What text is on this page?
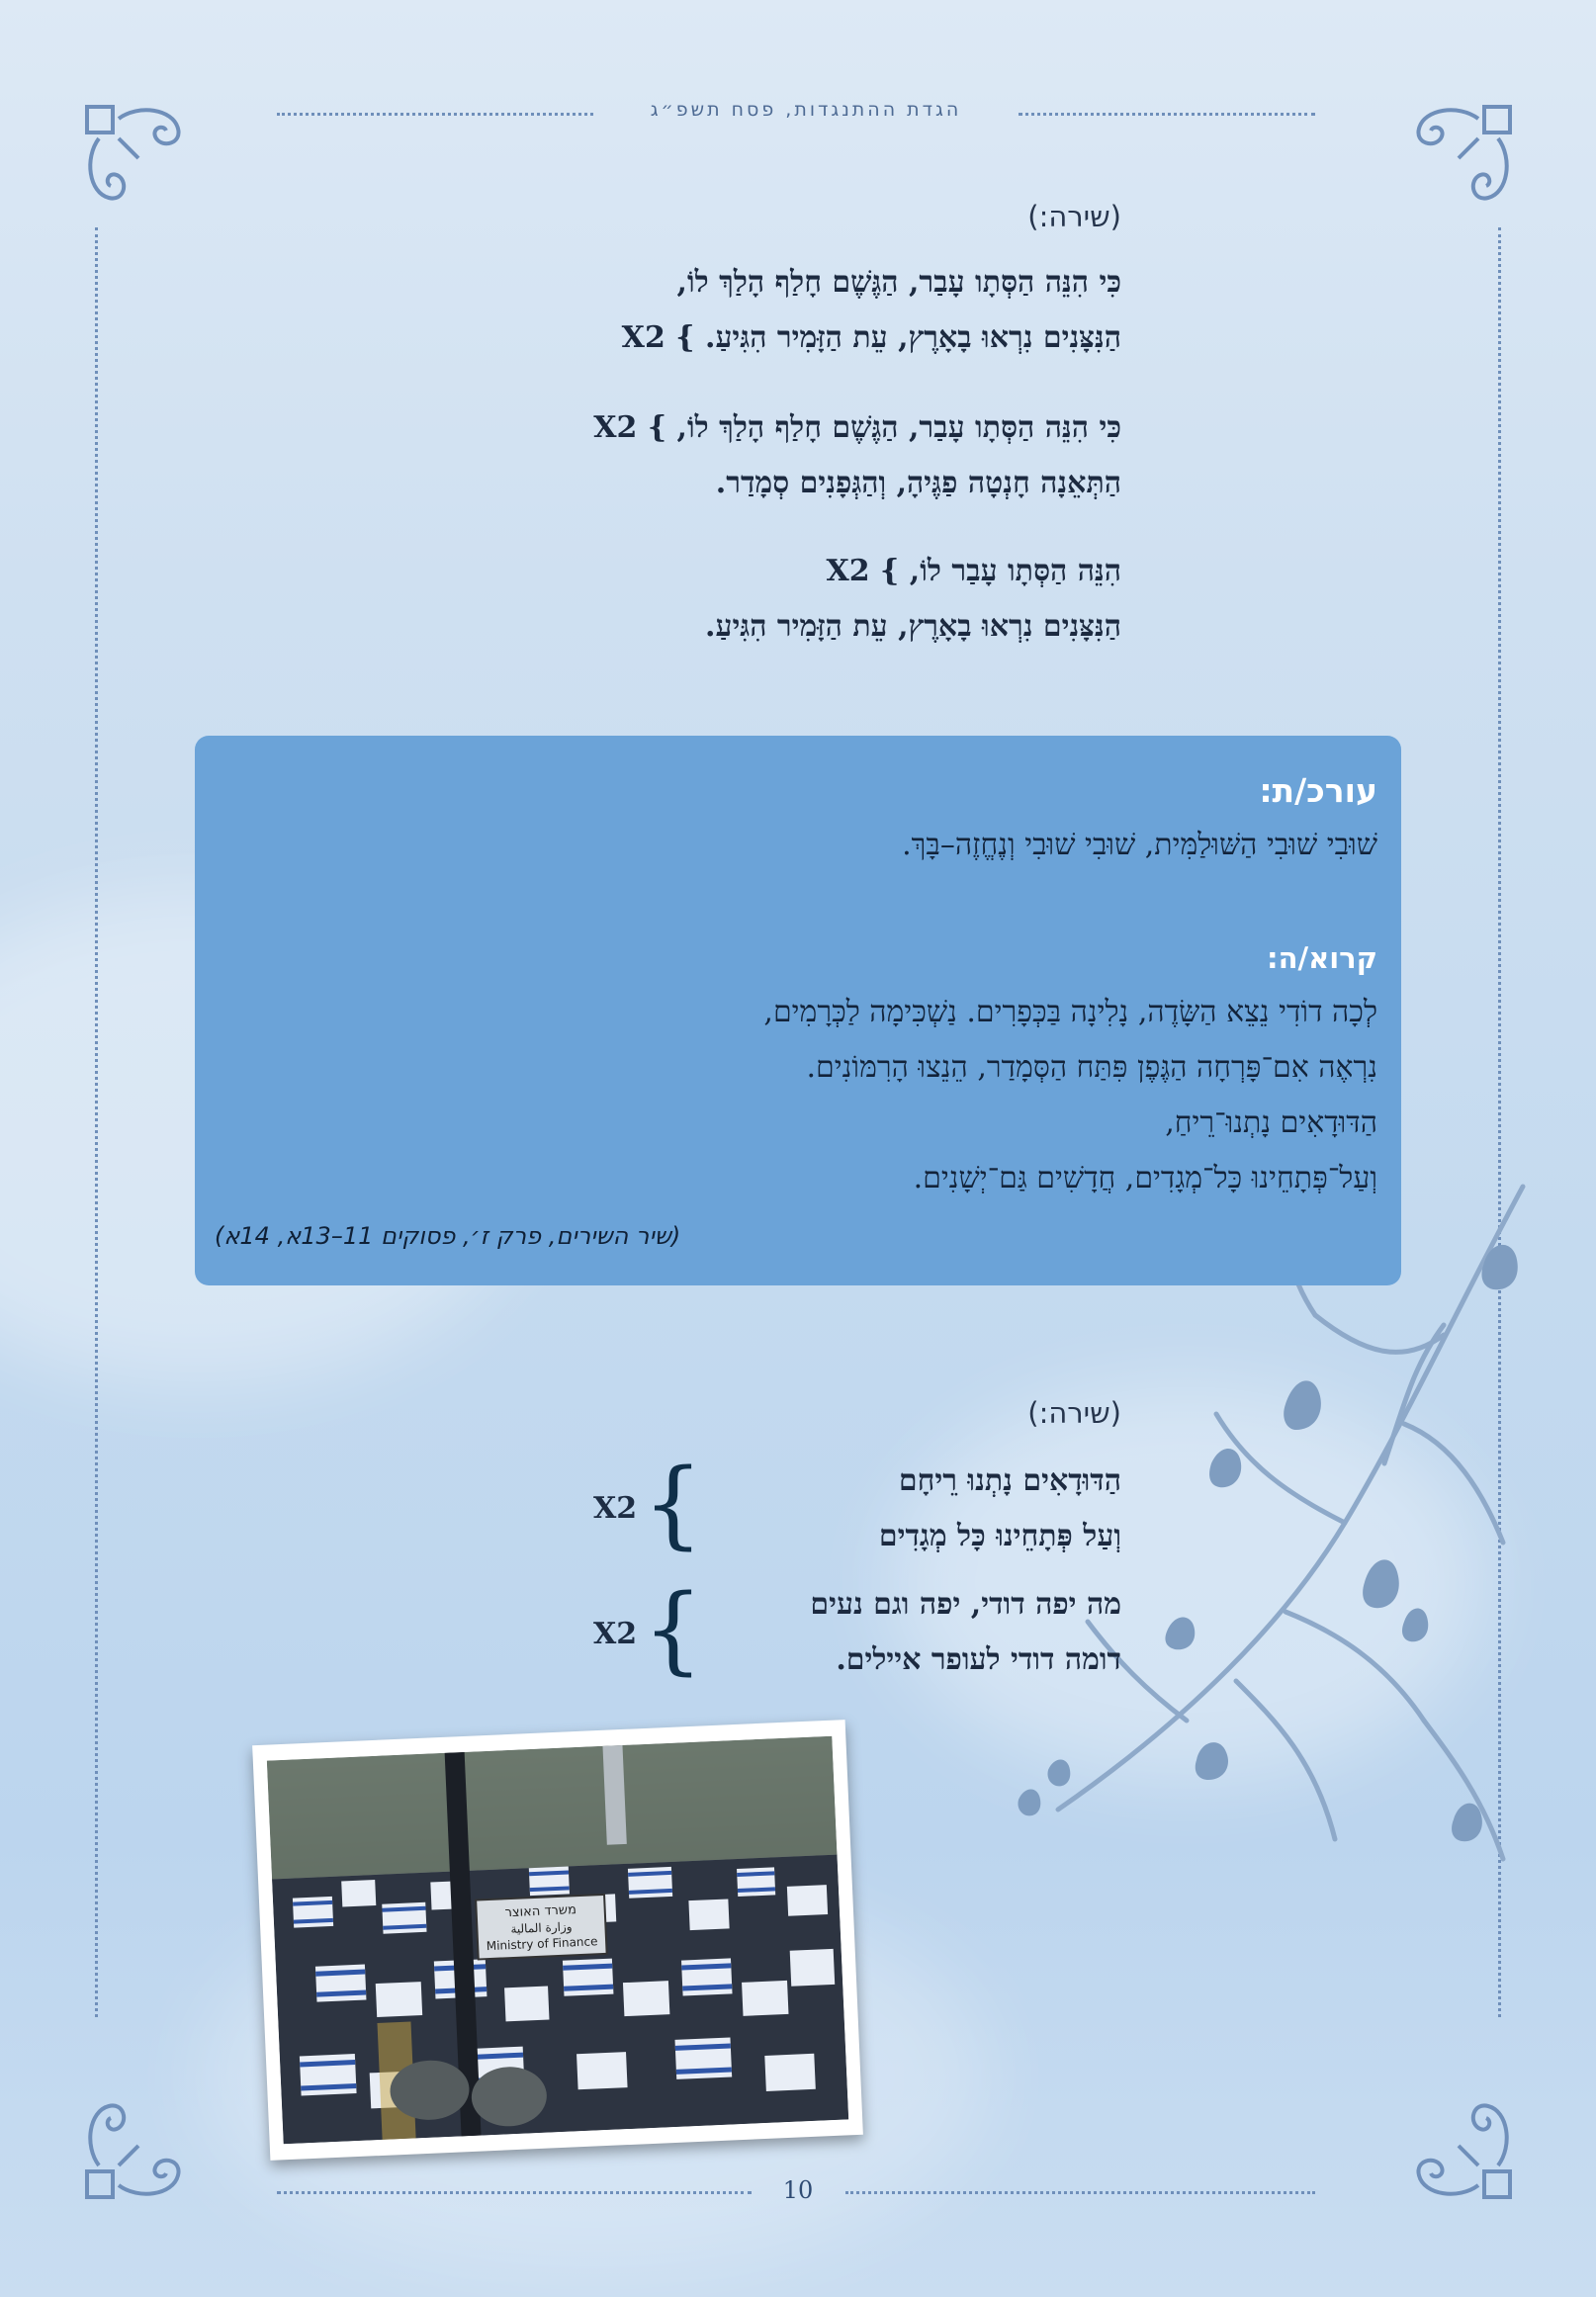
הגדת ההתנגדות, פסח תשפ״ג
(שירה:)
כִּי הִנֵּה הַסְּתָו עָבַר, הַגֶּשֶׁם חָלַף הָלַךְ לוֹ,
הַנִּצָּנִים נִרְאוּ בָאָרֶץ, עֵת הַזָּמִיר הִגִּיעַ. } X2
כִּי הִנֵּה הַסְּתָו עָבַר, הַגֶּשֶׁם חָלַף הָלַךְ לוֹ, } X2
הַתְּאֵנָה חָנְטָה פַגֶּיהָ, וְהַגְּפָנִים סְמָדַר.
הִנֵּה הַסְּתָו עָבַר לוֹ, } X2
הַנִּצָּנִים נִרְאוּ בָאָרֶץ, עֵת הַזָּמִיר הִגִּיעַ.
עורכ/ת:
שׁוּבִי שׁוּבִי הַשּׁוּלַמִּית, שׁוּבִי שׁוּבִי וְנֶחֱזֶה–בָּךְ.
קרוא/ה:
לְכָה דוֹדִי נֵצֵא הַשָּׂדֶה, נָלִינָה בַּכְּפָרִים. נַשְׁכִּימָה לַכְּרָמִים,
נִרְאֶה אִם־פָּרְחָה הַגֶּפֶן פִּתַּח הַסְּמָדַר, הֵנֵצוּ הָרִמּוֹנִים.
הַדּוּדָאִים נָתְנוּ־רֵיחַ,
וְעַל־פְּתָחֵינוּ כָּל־מְגָדִים, חֲדָשִׁים גַּם־יְשָׁנִים.
(שיר השירים, פרק ז׳, פסוקים 11–13א, 14א)
(שירה:)
הַדּוּדָאִים נָתְנוּ רֵיחָם
וְעַל פְּתָחֵינוּ כָּל מְגָדִים
{
X2
מה יפה דודי, יפה וגם נעים
דומה דודי לעופר איילים.
{
X2
משרד האוצר
وزارة المالية
Ministry of Finance
10
